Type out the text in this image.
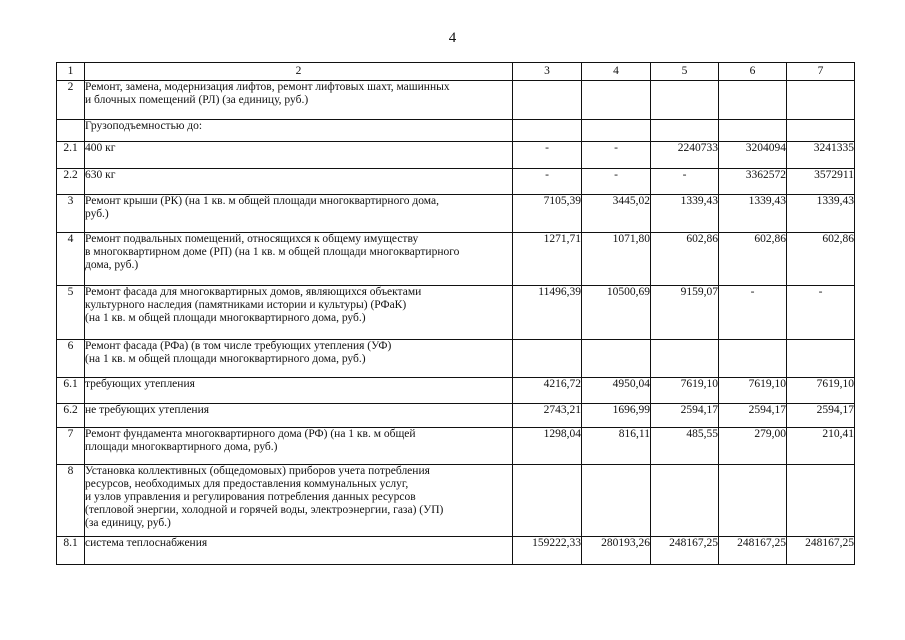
4
1	2	3	4	5	6	7
2	Ремонт, замена, модернизация лифтов, ремонт лифтовых шахт, машинных
и блочных помещений (РЛ) (за единицу, руб.)					

	Грузоподъемностью до:					

2.1	400 кг	-	-	2240733	3204094	3241335
2.2	630 кг	-	-	-	3362572	3572911
3	Ремонт крыши (РК) (на 1 кв. м общей площади многоквартирного дома,
руб.)	7105,39	3445,02	1339,43	1339,43	1339,43
4	Ремонт подвальных помещений, относящихся к общему имуществу
в многоквартирном доме (РП) (на 1 кв. м общей площади многоквартирного
дома, руб.)	1271,71	1071,80	602,86	602,86	602,86
5	Ремонт фасада для многоквартирных домов, являющихся объектами
культурного наследия (памятниками истории и культуры) (РФаК)
(на 1 кв. м общей площади многоквартирного дома, руб.)	11496,39	10500,69	9159,07	-	-
6	Ремонт фасада (РФа) (в том числе требующих утепления (УФ)
(на 1 кв. м общей площади многоквартирного дома, руб.)					

6.1	требующих утепления	4216,72	4950,04	7619,10	7619,10	7619,10
6.2	не требующих утепления	2743,21	1696,99	2594,17	2594,17	2594,17
7	Ремонт фундамента многоквартирного дома (РФ) (на 1 кв. м общей
площади многоквартирного дома, руб.)	1298,04	816,11	485,55	279,00	210,41
8	Установка коллективных (общедомовых) приборов учета потребления
ресурсов, необходимых для предоставления коммунальных услуг,
и узлов управления и регулирования потребления данных ресурсов
(тепловой энергии, холодной и горячей воды, электроэнергии, газа) (УП)
(за единицу, руб.)					

8.1	система теплоснабжения	159222,33	280193,26	248167,25	248167,25	248167,25
